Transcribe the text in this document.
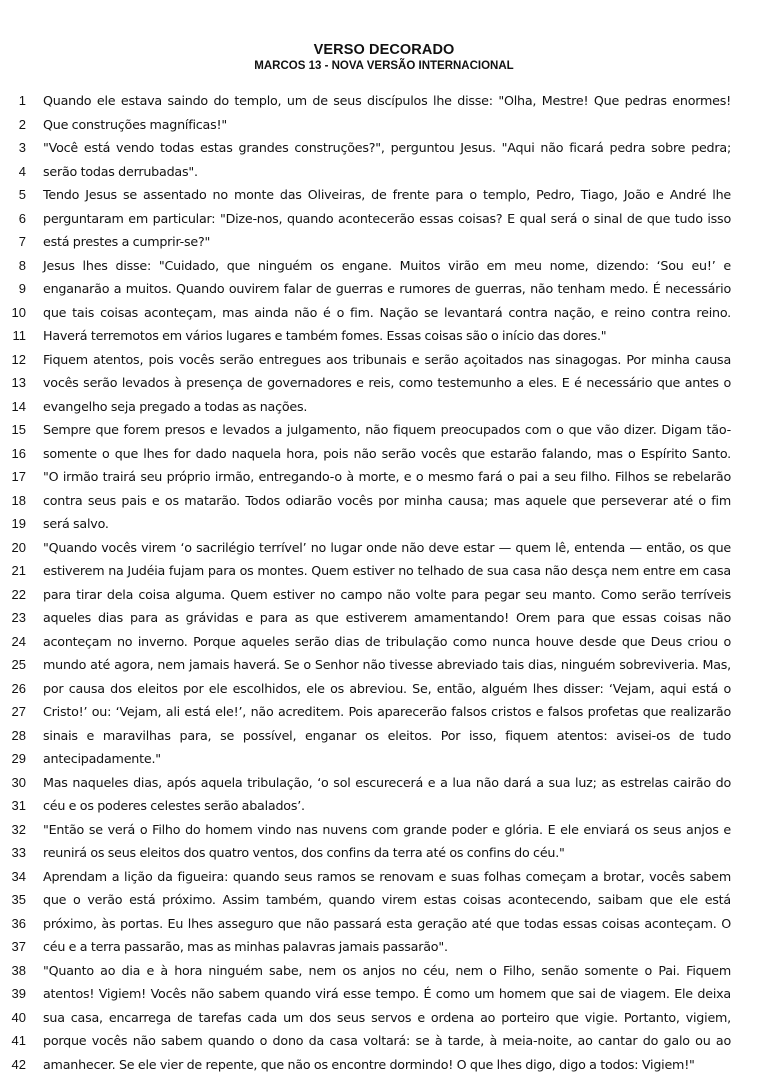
VERSO DECORADO
MARCOS 13 - NOVA VERSÃO INTERNACIONAL
1 Quando ele estava saindo do templo, um de seus discípulos lhe disse: "Olha, Mestre! Que pedras enormes!
2 Que construções magníficas!"
3 "Você está vendo todas estas grandes construções?", perguntou Jesus. "Aqui não ficará pedra sobre pedra;
4 serão todas derrubadas".
5 Tendo Jesus se assentado no monte das Oliveiras, de frente para o templo, Pedro, Tiago, João e André lhe
6 perguntaram em particular: "Dize-nos, quando acontecerão essas coisas? E qual será o sinal de que tudo isso
7 está prestes a cumprir-se?"
8 Jesus lhes disse: "Cuidado, que ninguém os engane. Muitos virão em meu nome, dizendo: ‘Sou eu!’ e
9 enganarão a muitos. Quando ouvirem falar de guerras e rumores de guerras, não tenham medo. É necessário
10 que tais coisas aconteçam, mas ainda não é o fim. Nação se levantará contra nação, e reino contra reino.
11 Haverá terremotos em vários lugares e também fomes. Essas coisas são o início das dores."
12 Fiquem atentos, pois vocês serão entregues aos tribunais e serão açoitados nas sinagogas. Por minha causa
13 vocês serão levados à presença de governadores e reis, como testemunho a eles. E é necessário que antes o
14 evangelho seja pregado a todas as nações.
15 Sempre que forem presos e levados a julgamento, não fiquem preocupados com o que vão dizer. Digam tão-
16 somente o que lhes for dado naquela hora, pois não serão vocês que estarão falando, mas o Espírito Santo.
17 "O irmão trairá seu próprio irmão, entregando-o à morte, e o mesmo fará o pai a seu filho. Filhos se rebelarão
18 contra seus pais e os matarão. Todos odiarão vocês por minha causa; mas aquele que perseverar até o fim
19 será salvo.
20 "Quando vocês virem ‘o sacrilégio terrível’ no lugar onde não deve estar — quem lê, entenda — então, os que
21 estiverem na Judéia fujam para os montes. Quem estiver no telhado de sua casa não desça nem entre em casa
22 para tirar dela coisa alguma. Quem estiver no campo não volte para pegar seu manto. Como serão terríveis
23 aqueles dias para as grávidas e para as que estiverem amamentando! Orem para que essas coisas não
24 aconteçam no inverno. Porque aqueles serão dias de tribulação como nunca houve desde que Deus criou o
25 mundo até agora, nem jamais haverá. Se o Senhor não tivesse abreviado tais dias, ninguém sobreviveria. Mas,
26 por causa dos eleitos por ele escolhidos, ele os abreviou. Se, então, alguém lhes disser: ‘Vejam, aqui está o
27 Cristo!’ ou: ‘Vejam, ali está ele!’, não acreditem. Pois aparecerão falsos cristos e falsos profetas que realizarão
28 sinais e maravilhas para, se possível, enganar os eleitos. Por isso, fiquem atentos: avisei-os de tudo
29 antecipadamente."
30 Mas naqueles dias, após aquela tribulação, ‘o sol escurecerá e a lua não dará a sua luz; as estrelas cairão do
31 céu e os poderes celestes serão abalados’.
32 "Então se verá o Filho do homem vindo nas nuvens com grande poder e glória. E ele enviará os seus anjos e
33 reunirá os seus eleitos dos quatro ventos, dos confins da terra até os confins do céu."
34 Aprendam a lição da figueira: quando seus ramos se renovam e suas folhas começam a brotar, vocês sabem
35 que o verão está próximo. Assim também, quando virem estas coisas acontecendo, saibam que ele está
36 próximo, às portas. Eu lhes asseguro que não passará esta geração até que todas essas coisas aconteçam. O
37 céu e a terra passarão, mas as minhas palavras jamais passarão".
38 "Quanto ao dia e à hora ninguém sabe, nem os anjos no céu, nem o Filho, senão somente o Pai. Fiquem
39 atentos! Vigiem! Vocês não sabem quando virá esse tempo. É como um homem que sai de viagem. Ele deixa
40 sua casa, encarrega de tarefas cada um dos seus servos e ordena ao porteiro que vigie. Portanto, vigiem,
41 porque vocês não sabem quando o dono da casa voltará: se à tarde, à meia-noite, ao cantar do galo ou ao
42 amanhecer. Se ele vier de repente, que não os encontre dormindo! O que lhes digo, digo a todos: Vigiem!"
